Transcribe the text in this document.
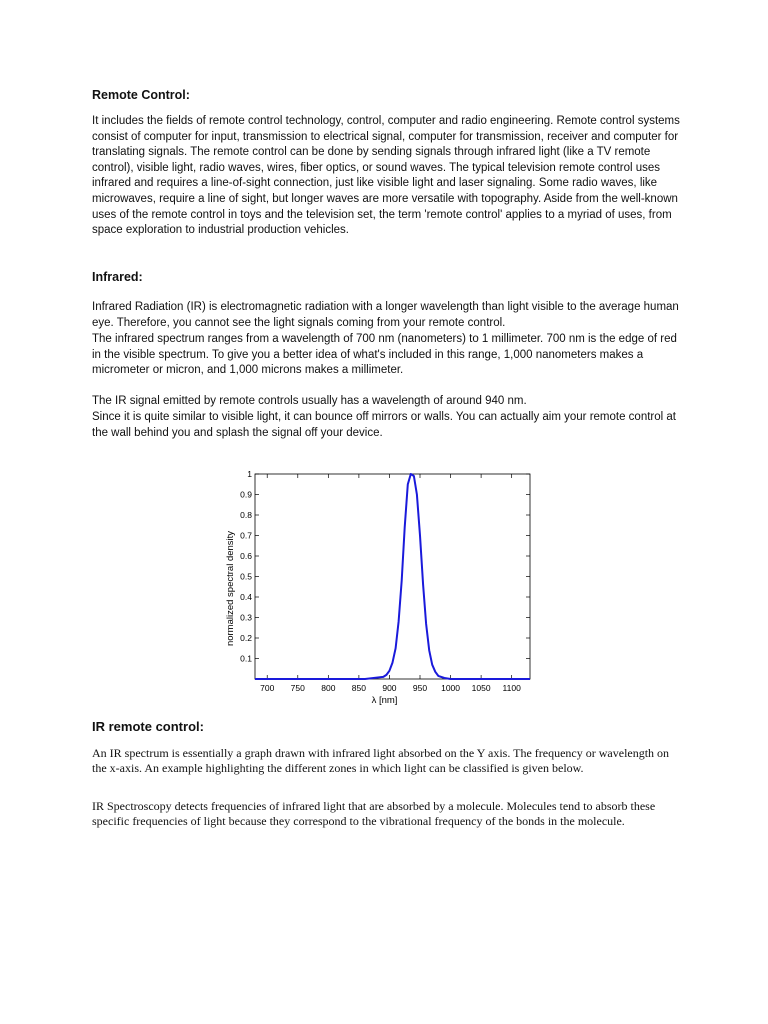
Remote Control:

It includes the fields of remote control technology, control, computer and radio engineering. Remote control systems consist of computer for input, transmission to electrical signal, computer for transmission, receiver and computer for translating signals. The remote control can be done by sending signals through infrared light (like a TV remote control), visible light, radio waves, wires, fiber optics, or sound waves. The typical television remote control uses infrared and requires a line-of-sight connection, just like visible light and laser signaling. Some radio waves, like microwaves, require a line of sight, but longer waves are more versatile with topography. Aside from the well-known uses of the remote control in toys and the television set, the term 'remote control' applies to a myriad of uses, from space exploration to industrial production vehicles.

Infrared:

Infrared Radiation (IR) is electromagnetic radiation with a longer wavelength than light visible to the average human eye. Therefore, you cannot see the light signals coming from your remote control.

The infrared spectrum ranges from a wavelength of 700 nm (nanometers) to 1 millimeter. 700 nm is the edge of red in the visible spectrum. To give you a better idea of what's included in this range, 1,000 nanometers makes a micrometer or micron, and 1,000 microns makes a millimeter.

The IR signal emitted by remote controls usually has a wavelength of around 940 nm.

Since it is quite similar to visible light, it can bounce off mirrors or walls. You can actually aim your remote control at the wall behind you and splash the signal off your device.

700 750 800 850 900 950 1000 1050 1100
0.1
0.2
0.3
0.4
0.5
0.6
0.7
0.8
0.9
1
λ [nm]
normalized spectral density
IR remote control:

An IR spectrum is essentially a graph drawn with infrared light absorbed on the Y axis. The frequency or wavelength on the x-axis. An example highlighting the different zones in which light can be classified is given below.

IR Spectroscopy detects frequencies of infrared light that are absorbed by a molecule. Molecules tend to absorb these specific frequencies of light because they correspond to the vibrational frequency of the bonds in the molecule.
